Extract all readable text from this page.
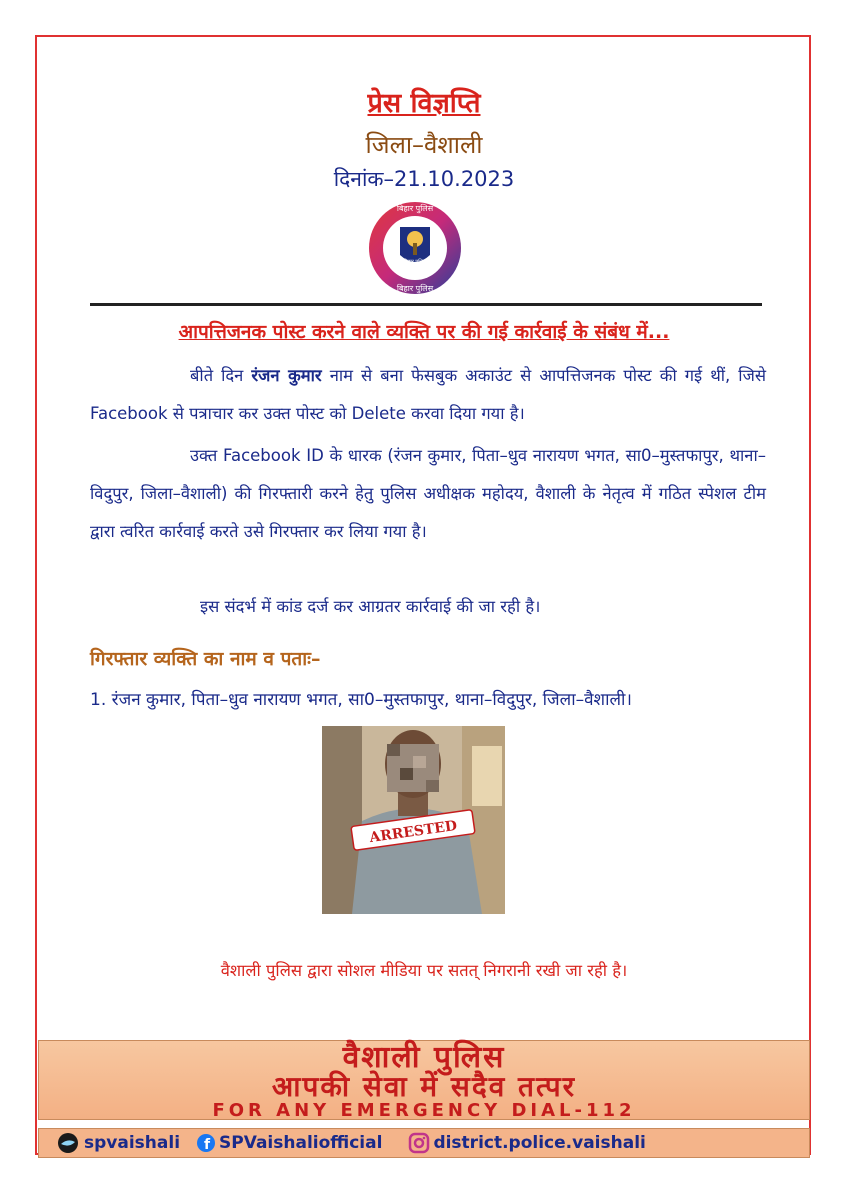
प्रेस विज्ञप्ति
जिला–वैशाली
दिनांक–21.10.2023
बिहार पुलिस
बिहार पुलिस
बिहार पुलिस
आपत्तिजनक पोस्ट करने वाले व्यक्ति पर की गई कार्रवाई के संबंध में...
बीते दिन रंजन कुमार नाम से बना फेसबुक अकाउंट से आपत्तिजनक पोस्ट की गई थीं, जिसे Facebook से पत्राचार कर उक्त पोस्ट को Delete करवा दिया गया है।
उक्त Facebook ID के धारक (रंजन कुमार, पिता–धुव नारायण भगत, सा0–मुस्तफापुर, थाना–विदुपुर, जिला–वैशाली) की गिरफ्तारी करने हेतु पुलिस अधीक्षक महोदय, वैशाली के नेतृत्व में गठित स्पेशल टीम द्वारा त्वरित कार्रवाई करते उसे गिरफ्तार कर लिया गया है।
इस संदर्भ में कांड दर्ज कर आग्रतर कार्रवाई की जा रही है।
गिरफ्तार व्यक्ति का नाम व पताः–
1. रंजन कुमार, पिता–धुव नारायण भगत, सा0–मुस्तफापुर, थाना–विदुपुर, जिला–वैशाली।
ARRESTED
वैशाली पुलिस द्वारा सोशल मीडिया पर सतत् निगरानी रखी जा रही है।
वैशाली पुलिस
आपकी सेवा में सदैव तत्पर
FOR ANY EMERGENCY DIAL-112
spvaishali f SPVaishaliofficial	district.police.vaishali
